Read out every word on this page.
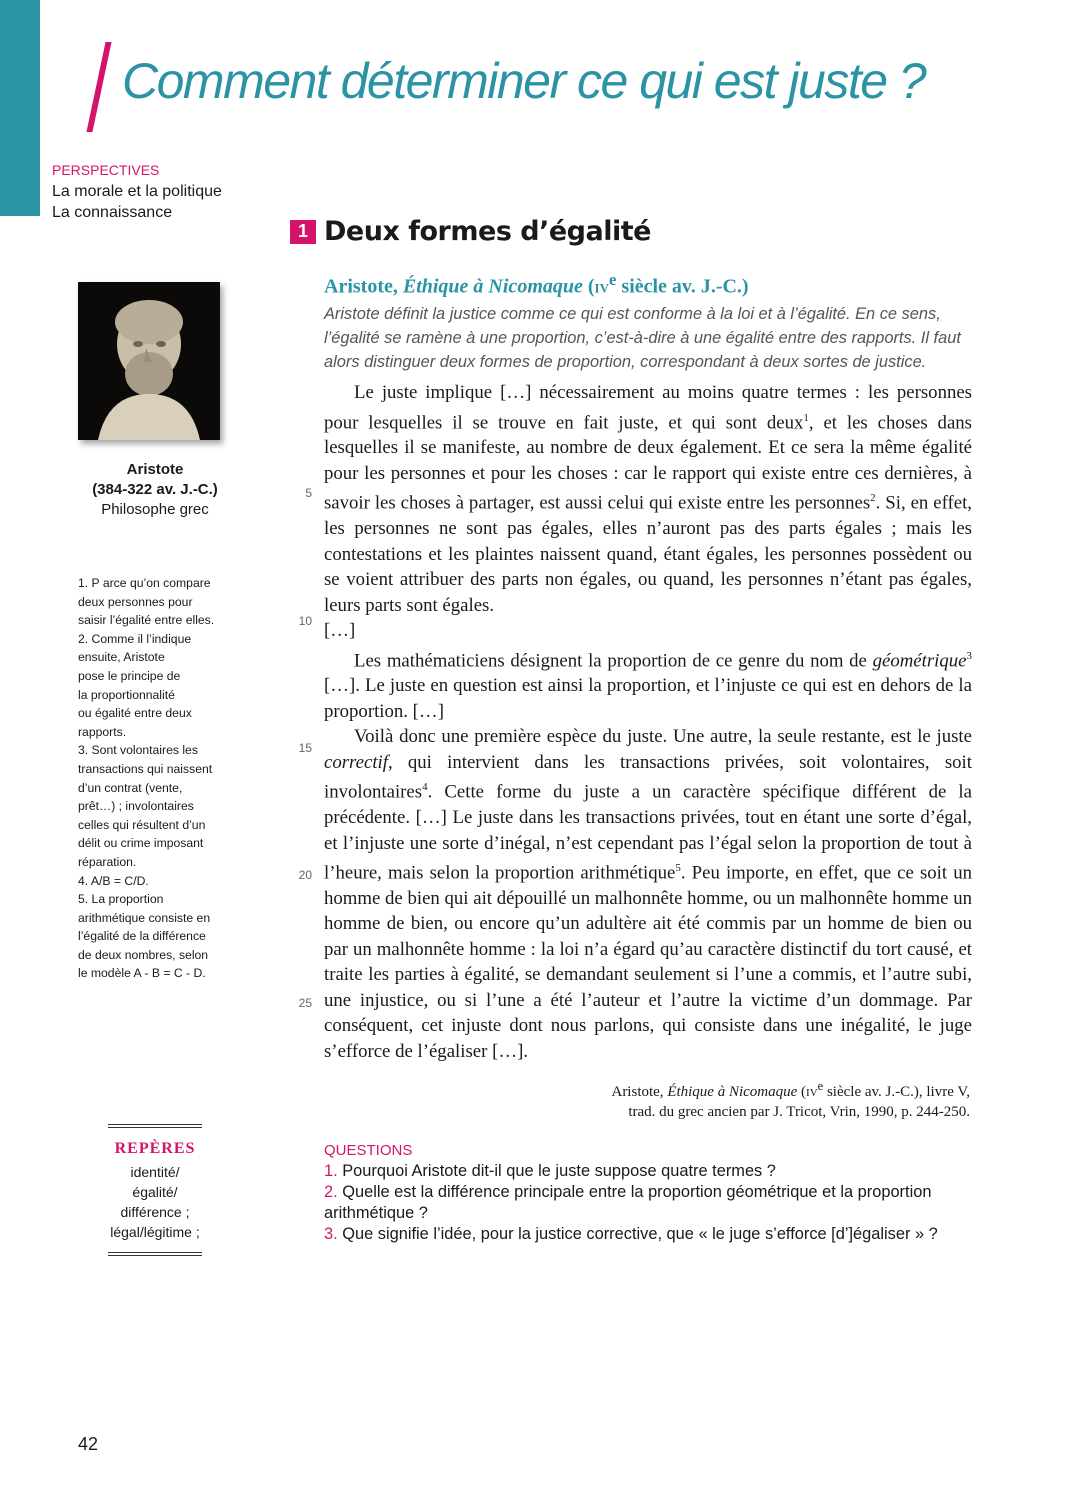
Comment déterminer ce qui est juste ?
PERSPECTIVES
La morale et la politique
La connaissance
Aristote
(384-322 av. J.-C.)
Philosophe grec
1. P arce qu’on compare
deux personnes pour
saisir l’égalité entre elles.
2. Comme il l’indique
ensuite, Aristote
pose le principe de
la proportionnalité
ou égalité entre deux
rapports.
3. Sont volontaires les
transactions qui naissent
d’un contrat (vente,
prêt…) ; involontaires
celles qui résultent d’un
délit ou crime imposant
réparation.
4. A/B = C/D.
5. La proportion
arithmétique consiste en
l’égalité de la différence
de deux nombres, selon
le modèle A - B = C - D.
REPÈRES
identité/égalité/
différence ;
légal/légitime ;
1 Deux formes d’égalité
Aristote, Éthique à Nicomaque ($iv^e$ siècle av. J.-C.)
Aristote définit la justice comme ce qui est conforme à la loi et à l’égalité. En ce sens, l’égalité se ramène à une proportion, c’est-à-dire à une égalité entre des rapports. Il faut alors distinguer deux formes de proportion, correspondant à deux sortes de justice.

Le juste implique […] nécessairement au moins quatre termes : les personnes pour lesquelles il se trouve en fait juste, et qui sont deux$^1$, et les choses dans lesquelles il se manifeste, au nombre de deux également. Et ce sera la même égalité pour les personnes et pour les choses : car le rapport qui existe entre ces dernières, à savoir les choses à partager, est aussi celui qui existe entre les personnes$^2$. Si, en effet, les personnes ne sont pas égales, elles n’auront pas des parts égales ; mais les contestations et les plaintes naissent quand, étant égales, les personnes possèdent ou se voient attribuer des parts non égales, ou quand, les personnes n’étant pas égales, leurs parts sont égales.

[…]

Les mathématiciens désignent la proportion de ce genre du nom de géométrique$^3$ […]. Le juste en question est ainsi la proportion, et l’injuste ce qui est en dehors de la proportion. […]

Voilà donc une première espèce du juste. Une autre, la seule restante, est le juste correctif, qui intervient dans les transactions privées, soit volontaires, soit involontaires$^4$. Cette forme du juste a un caractère spécifique différent de la précédente. […] Le juste dans les transactions privées, tout en étant une sorte d’égal, et l’injuste une sorte d’inégal, n’est cependant pas l’égal selon la proportion de tout à l’heure, mais selon la proportion arithmétique$^5$. Peu importe, en effet, que ce soit un homme de bien qui ait dépouillé un malhonnête homme, ou un malhonnête homme un homme de bien, ou encore qu’un adultère ait été commis par un homme de bien ou par un malhonnête homme : la loi n’a égard qu’au caractère distinctif du tort causé, et traite les parties à égalité, se demandant seulement si l’une a commis, et l’autre subi, une injustice, ou si l’une a été l’auteur et l’autre la victime d’un dommage. Par conséquent, cet injuste dont nous parlons, qui consiste dans une inégalité, le juge s’efforce de l’égaliser […].

5
10
15
20
25
Aristote, Éthique à Nicomaque ($iv^e$ siècle av. J.-C.), livre V,
trad. du grec ancien par J. Tricot, Vrin, 1990, p. 244-250.
QUESTIONS
1. Pourquoi Aristote dit-il que le juste suppose quatre termes ?
2. Quelle est la différence principale entre la proportion géométrique et la proportion arithmétique ?
3. Que signifie l’idée, pour la justice corrective, que « le juge s’efforce [d’]égaliser » ?
42
